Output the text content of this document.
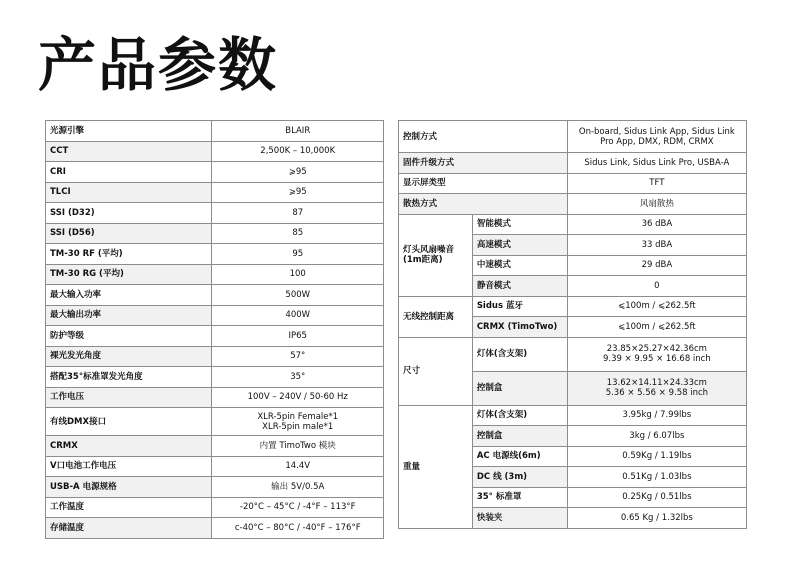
产品参数
光源引擎	BLAIR
CCT	2,500K – 10,000K
CRI	⩾95
TLCI	⩾95
SSI (D32)	87
SSI (D56)	85
TM-30 RF (平均)	95
TM-30 RG (平均)	100
最大输入功率	500W
最大输出功率	400W
防护等级	IP65
裸光发光角度	57°
搭配35°标准罩发光角度	35°
工作电压	100V – 240V / 50-60 Hz
有线DMX接口	XLR-5pin Female*1
XLR-5pin male*1
CRMX	内置 TimoTwo 模块
V口电池工作电压	14.4V
USB-A 电源规格	输出 5V/0.5A
工作温度	-20°C – 45°C / -4°F – 113°F
存储温度	c-40°C – 80°C / -40°F – 176°F
控制方式		On-board, Sidus Link App, Sidus Link
Pro App, DMX, RDM, CRMX
固件升级方式		Sidus Link, Sidus Link Pro, USBA-A
显示屏类型		TFT
散热方式		风扇散热
灯头风扇噪音
(1m距离)	智能模式	36 dBA
	高速模式	33 dBA
	中速模式	29 dBA
	静音模式	0
无线控制距离	Sidus 蓝牙	⩽100m / ⩽262.5ft
	CRMX (TimoTwo)	⩽100m / ⩽262.5ft
尺寸	灯体(含支架)	23.85×25.27×42.36cm
9.39 × 9.95 × 16.68 inch
	控制盒	13.62×14.11×24.33cm
5.36 × 5.56 × 9.58 inch
重量	灯体(含支架)	3.95kg / 7.99lbs
	控制盒	3kg / 6.07lbs
	AC 电源线(6m)	0.59Kg / 1.19lbs
	DC 线 (3m)	0.51Kg / 1.03lbs
	35° 标准罩	0.25Kg / 0.51lbs
	快装夹	0.65 Kg / 1.32lbs
